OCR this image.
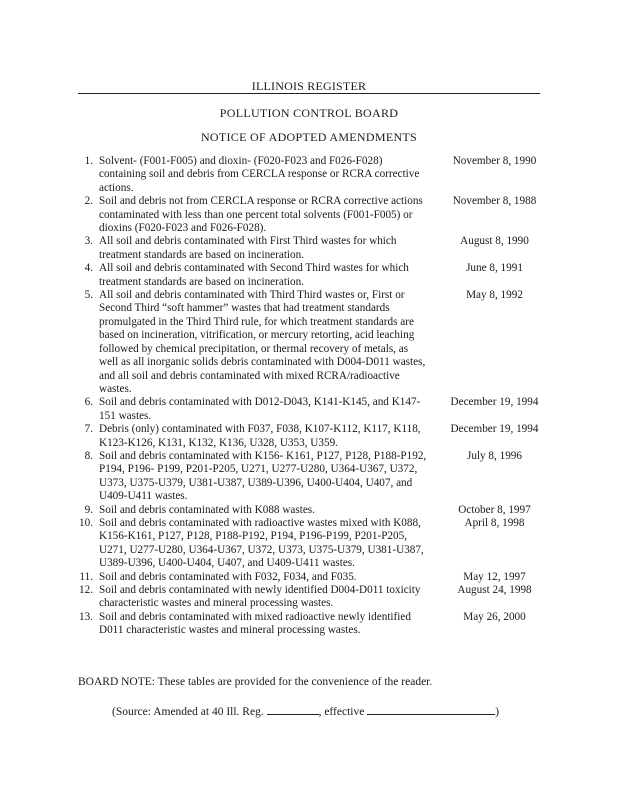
ILLINOIS REGISTER
POLLUTION CONTROL BOARD
NOTICE OF ADOPTED AMENDMENTS
1. Solvent- (F001-F005) and dioxin- (F020-F023 and F026-F028) containing soil and debris from CERCLA response or RCRA corrective actions.
November 8, 1990
2. Soil and debris not from CERCLA response or RCRA corrective actions contaminated with less than one percent total solvents (F001-F005) or dioxins (F020-F023 and F026-F028).
November 8, 1988
3. All soil and debris contaminated with First Third wastes for which treatment standards are based on incineration.
August 8, 1990
4. All soil and debris contaminated with Second Third wastes for which treatment standards are based on incineration.
June 8, 1991
5. All soil and debris contaminated with Third Third wastes or, First or Second Third “soft hammer” wastes that had treatment standards promulgated in the Third Third rule, for which treatment standards are based on incineration, vitrification, or mercury retorting, acid leaching followed by chemical precipitation, or thermal recovery of metals, as well as all inorganic solids debris contaminated with D004-D011 wastes, and all soil and debris contaminated with mixed RCRA/radioactive wastes.
May 8, 1992
6. Soil and debris contaminated with D012-D043, K141-K145, and K147-151 wastes.
December 19, 1994
7. Debris (only) contaminated with F037, F038, K107-K112, K117, K118, K123-K126, K131, K132, K136, U328, U353, U359.
December 19, 1994
8. Soil and debris contaminated with K156- K161, P127, P128, P188-P192, P194, P196- P199, P201-P205, U271, U277-U280, U364-U367, U372, U373, U375-U379, U381-U387, U389-U396, U400-U404, U407, and U409-U411 wastes.
July 8, 1996
9. Soil and debris contaminated with K088 wastes.	October 8, 1997
10. Soil and debris contaminated with radioactive wastes mixed with K088, K156-K161, P127, P128, P188-P192, P194, P196-P199, P201-P205, U271, U277-U280, U364-U367, U372, U373, U375-U379, U381-U387, U389-U396, U400-U404, U407, and U409-U411 wastes.
April 8, 1998
11. Soil and debris contaminated with F032, F034, and F035.	May 12, 1997
12. Soil and debris contaminated with newly identified D004-D011 toxicity characteristic wastes and mineral processing wastes.
August 24, 1998
13. Soil and debris contaminated with mixed radioactive newly identified D011 characteristic wastes and mineral processing wastes.
May 26, 2000
BOARD NOTE: These tables are provided for the convenience of the reader.
(Source: Amended at 40 Ill. Reg.	, effective	)
